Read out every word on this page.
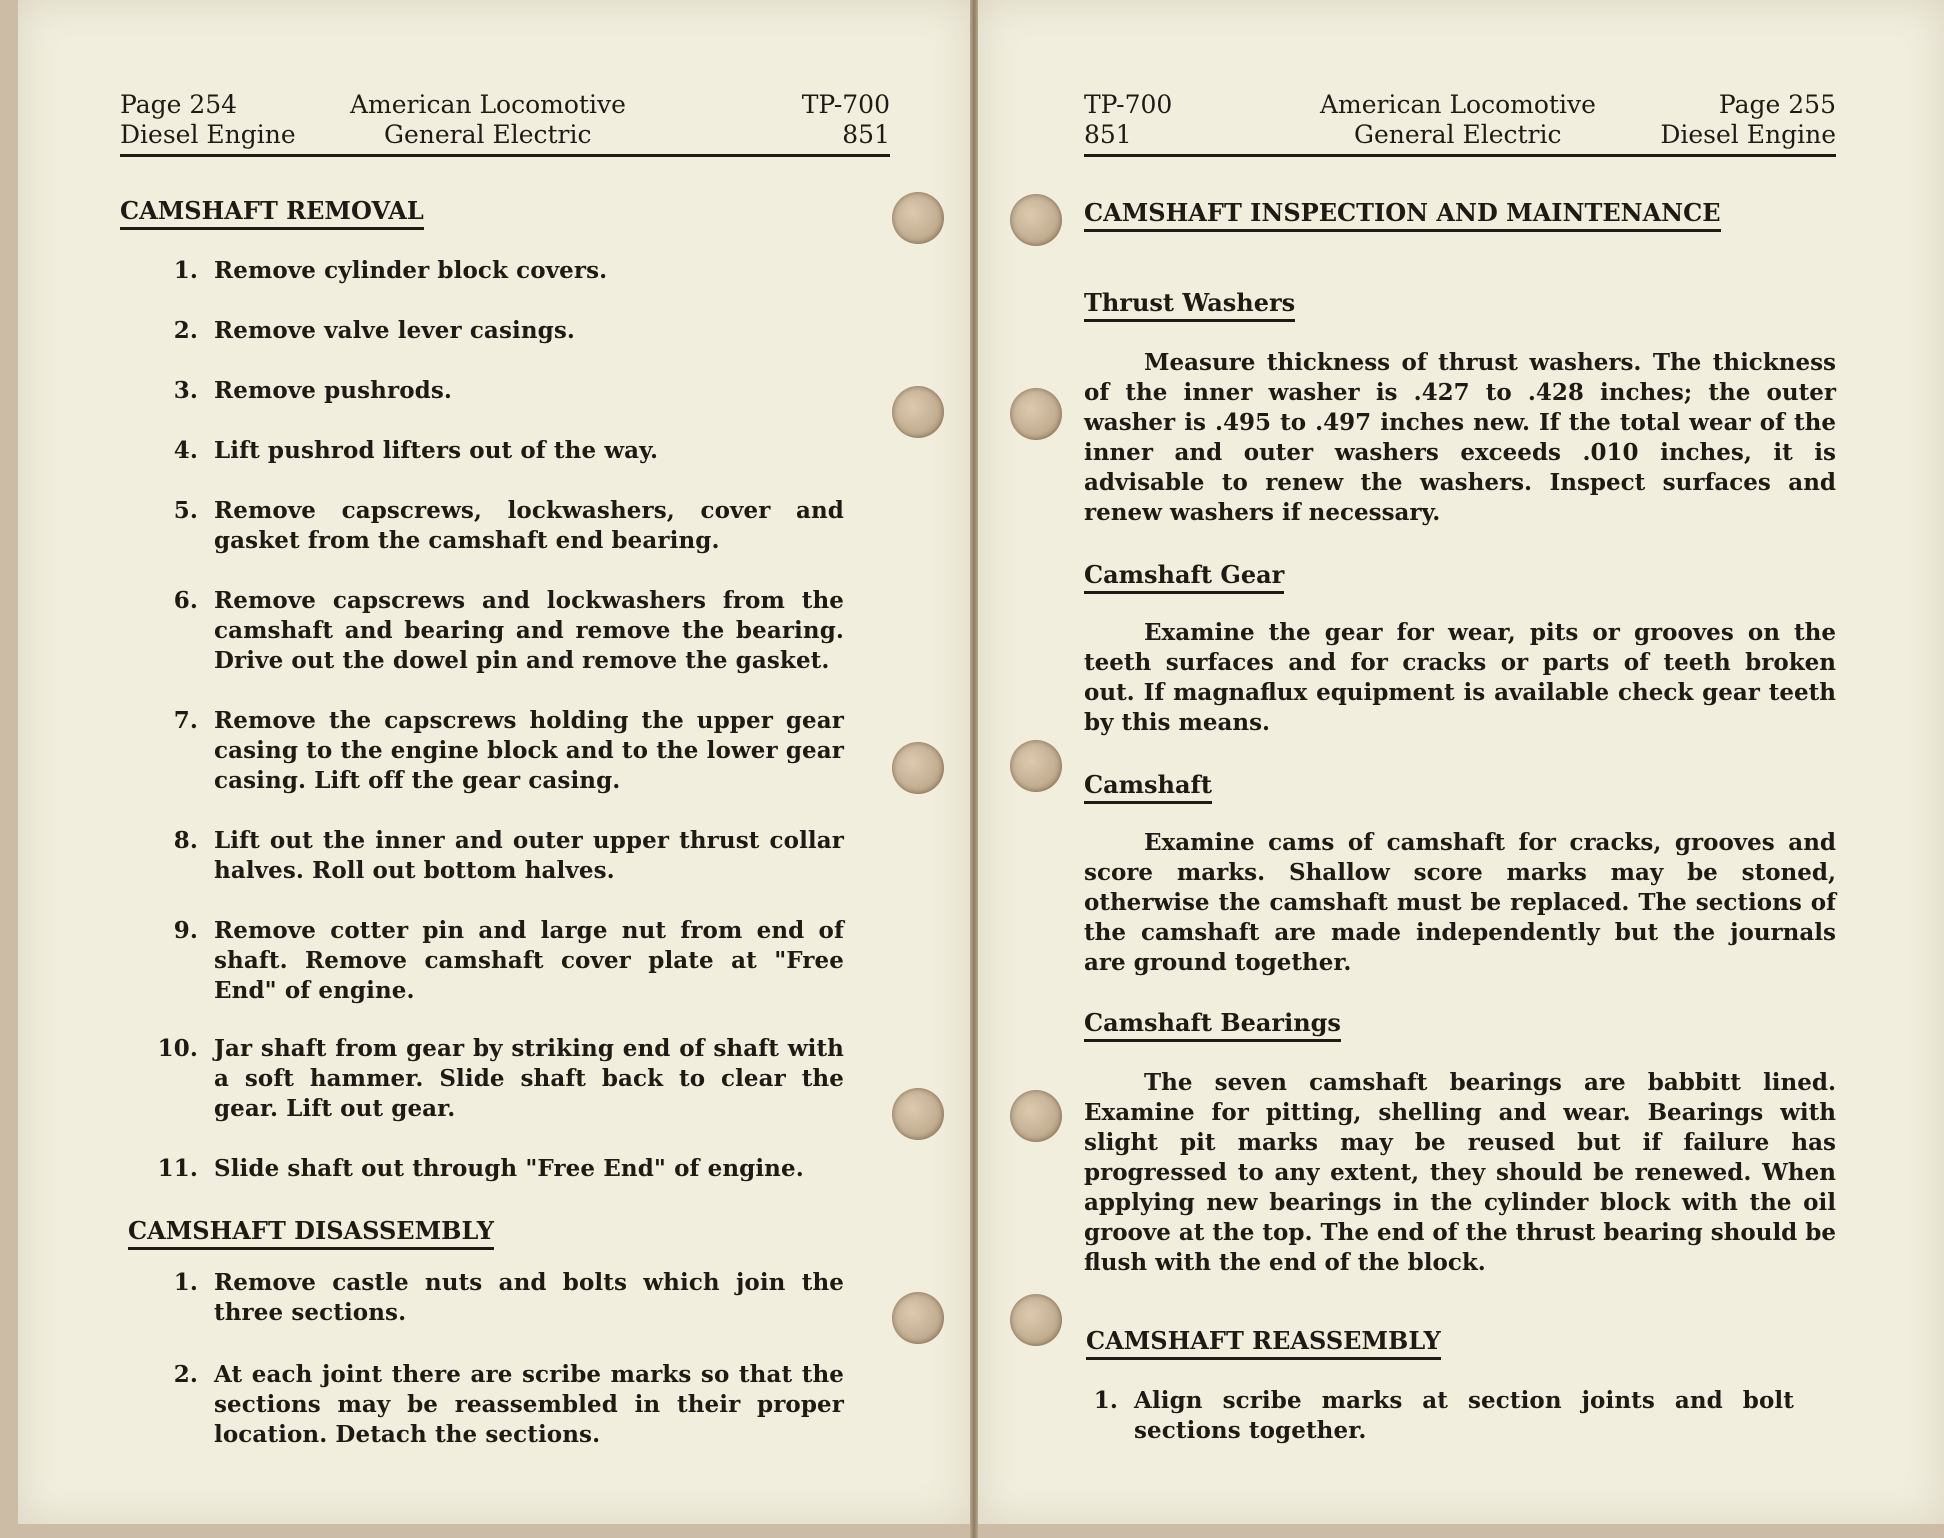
Page 254
Diesel Engine
American Locomotive
General Electric
TP-700
851
CAMSHAFT REMOVAL
1. Remove cylinder block covers.
2. Remove valve lever casings.
3. Remove pushrods.
4. Lift pushrod lifters out of the way.
5. Remove capscrews, lockwashers, cover and gasket from the camshaft end bearing.
6. Remove capscrews and lockwashers from the camshaft and bearing and remove the bearing. Drive out the dowel pin and remove the gasket.
7. Remove the capscrews holding the upper gear casing to the engine block and to the lower gear casing. Lift off the gear casing.
8. Lift out the inner and outer upper thrust collar halves. Roll out bottom halves.
9. Remove cotter pin and large nut from end of shaft. Remove camshaft cover plate at "Free End" of engine.
10. Jar shaft from gear by striking end of shaft with a soft hammer. Slide shaft back to clear the gear. Lift out gear.
11. Slide shaft out through "Free End" of engine.
CAMSHAFT DISASSEMBLY
1. Remove castle nuts and bolts which join the three sections.
2. At each joint there are scribe marks so that the sections may be reassembled in their proper location. Detach the sections.
TP-700
851
American Locomotive
General Electric
Page 255
Diesel Engine
CAMSHAFT INSPECTION AND MAINTENANCE
Thrust Washers

Measure thickness of thrust washers. The thickness of the inner washer is .427 to .428 inches; the outer washer is .495 to .497 inches new. If the total wear of the inner and outer washers exceeds .010 inches, it is advisable to renew the washers. Inspect surfaces and renew washers if necessary.

Camshaft Gear

Examine the gear for wear, pits or grooves on the teeth surfaces and for cracks or parts of teeth broken out. If magnaflux equipment is available check gear teeth by this means.

Camshaft

Examine cams of camshaft for cracks, grooves and score marks. Shallow score marks may be stoned, otherwise the camshaft must be replaced. The sections of the camshaft are made independently but the journals are ground together.

Camshaft Bearings

The seven camshaft bearings are babbitt lined. Examine for pitting, shelling and wear. Bearings with slight pit marks may be reused but if failure has progressed to any extent, they should be renewed. When applying new bearings in the cylinder block with the oil groove at the top. The end of the thrust bearing should be flush with the end of the block.

CAMSHAFT REASSEMBLY
1. Align scribe marks at section joints and bolt sections together.
